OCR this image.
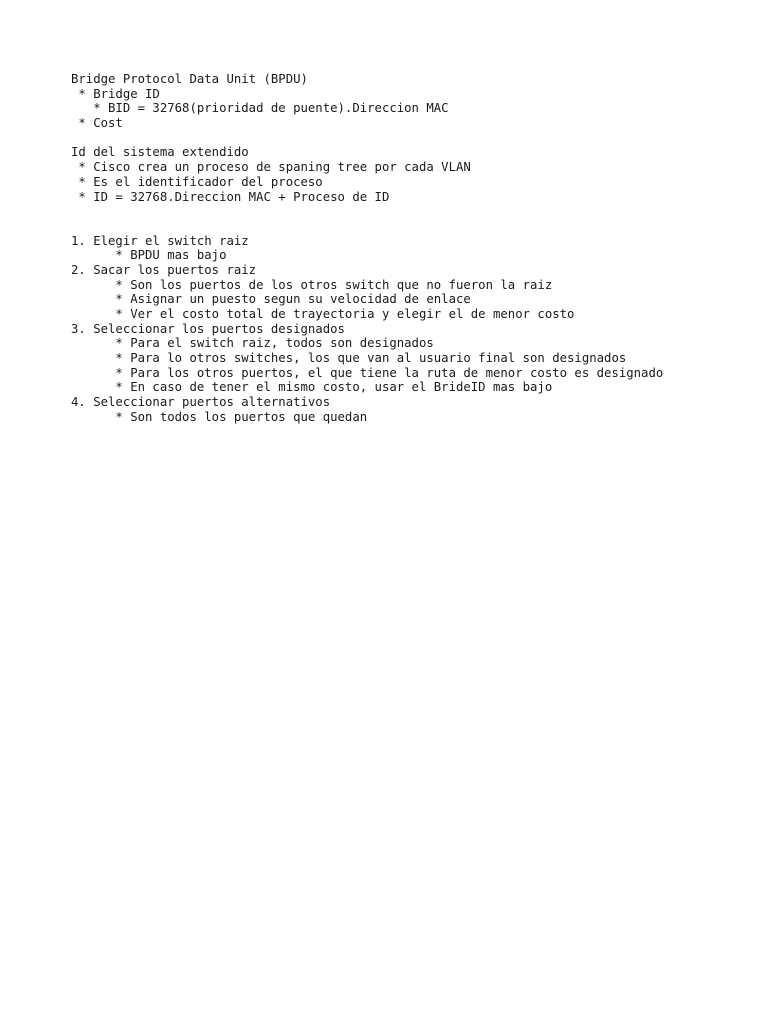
Bridge Protocol Data Unit (BPDU)
* Bridge ID
* BID = 32768(prioridad de puente).Direccion MAC
* Cost
Id del sistema extendido
* Cisco crea un proceso de spaning tree por cada VLAN
* Es el identificador del proceso
* ID = 32768.Direccion MAC + Proceso de ID
1. Elegir el switch raiz
* BPDU mas bajo
2. Sacar los puertos raiz
* Son los puertos de los otros switch que no fueron la raiz
* Asignar un puesto segun su velocidad de enlace
* Ver el costo total de trayectoria y elegir el de menor costo
3. Seleccionar los puertos designados
* Para el switch raiz, todos son designados
* Para lo otros switches, los que van al usuario final son designados
* Para los otros puertos, el que tiene la ruta de menor costo es designado
* En caso de tener el mismo costo, usar el BrideID mas bajo
4. Seleccionar puertos alternativos
* Son todos los puertos que quedan
